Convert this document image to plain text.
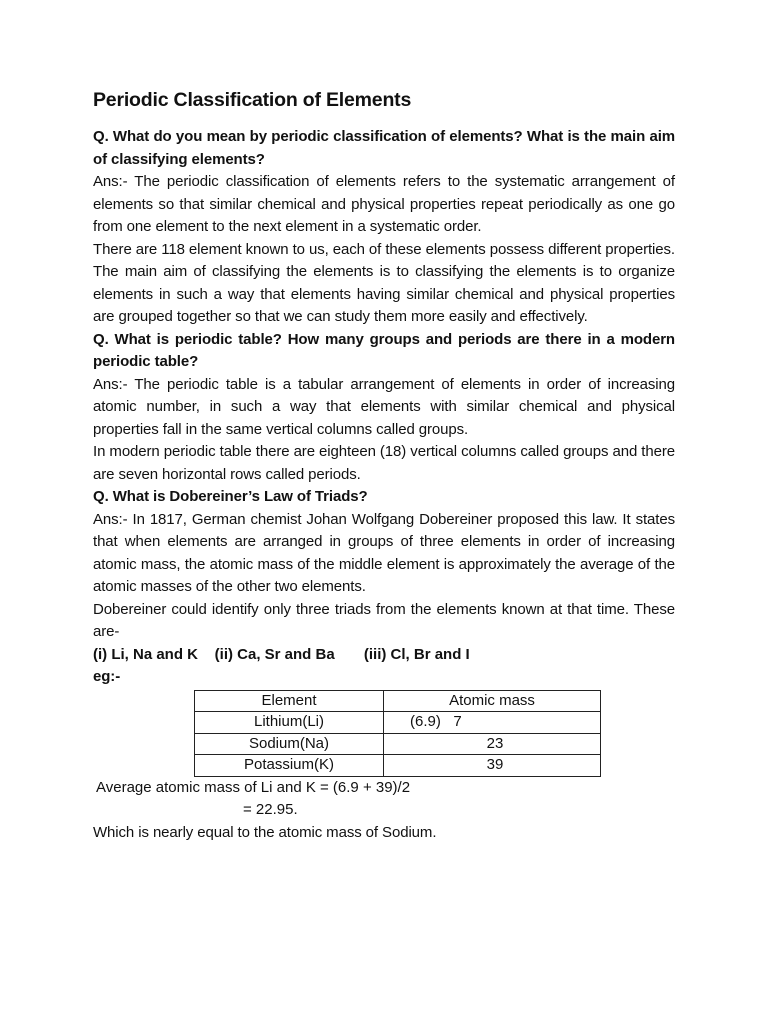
Periodic Classification of Elements

Q. What do you mean by periodic classification of elements? What is the main aim of classifying elements?

Ans:- The periodic classification of elements refers to the systematic arrangement of elements so that similar chemical and physical properties repeat periodically as one go from one element to the next element in a systematic order.

There are 118 element known to us, each of these elements possess different properties. The main aim of classifying the elements is to classifying the elements is to organize elements in such a way that elements having similar chemical and physical properties are grouped together so that we can study them more easily and effectively.

Q. What is periodic table? How many groups and periods are there in a modern periodic table?

Ans:- The periodic table is a tabular arrangement of elements in order of increasing atomic number, in such a way that elements with similar chemical and physical properties fall in the same vertical columns called groups.

In modern periodic table there are eighteen (18) vertical columns called groups and there are seven horizontal rows called periods.

Q. What is Dobereiner’s Law of Triads?

Ans:- In 1817, German chemist Johan Wolfgang Dobereiner proposed this law. It states that when elements are arranged in groups of three elements in order of increasing atomic mass, the atomic mass of the middle element is approximately the average of the atomic masses of the other two elements.

Dobereiner could identify only three triads from the elements known at that time. These are-

(i) Li, Na and K    (ii) Ca, Sr and Ba       (iii) Cl, Br and I

eg:-

Element	Atomic mass
Lithium(Li)	(6.9)   7
Sodium(Na)	23
Potassium(K)	39

Average atomic mass of Li and K = (6.9 + 39)/2

= 22.95.

Which is nearly equal to the atomic mass of Sodium.
